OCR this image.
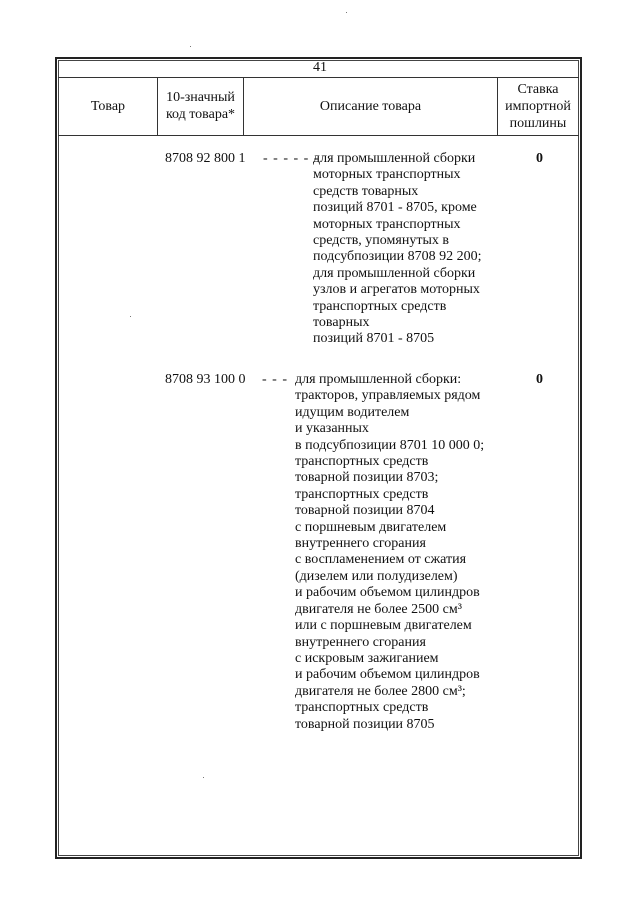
41
Товар
10-значный код товара*
Описание товара
Ставка импортной пошлины
8708 92 800 1 - - - - - -
для промышленной сборки
моторных транспортных
средств товарных
позиций 8701 - 8705, кроме
моторных транспортных
средств, упомянутых в
подсубпозиции 8708 92 200;
для промышленной сборки
узлов и агрегатов моторных
транспортных средств
товарных
позиций 8701 - 8705
0
8708 93 100 0 - - - для промышленной сборки:
тракторов, управляемых рядом
идущим водителем
и указанных
в подсубпозиции 8701 10 000 0;
транспортных средств
товарной позиции 8703;
транспортных средств
товарной позиции 8704
с поршневым двигателем
внутреннего сгорания
с воспламенением от сжатия
(дизелем или полудизелем)
и рабочим объемом цилиндров
двигателя не более 2500 см³
или с поршневым двигателем
внутреннего сгорания
с искровым зажиганием
и рабочим объемом цилиндров
двигателя не более 2800 см³;
транспортных средств
товарной позиции 8705
0
